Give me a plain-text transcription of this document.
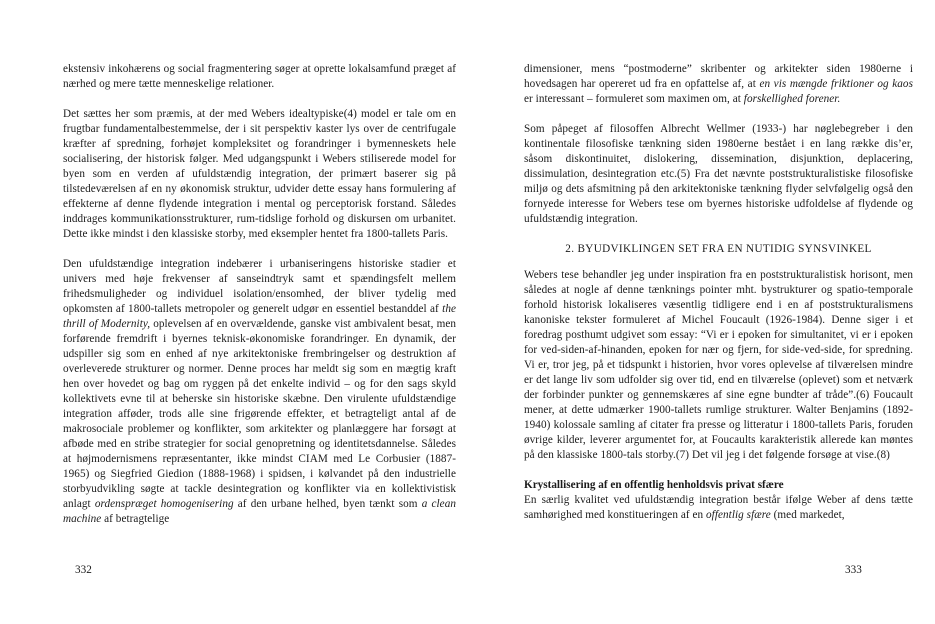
ekstensiv inkohærens og social fragmentering søger at oprette lokalsamfund præget af nærhed og mere tætte menneskelige relationer.

Det sættes her som præmis, at der med Webers idealtypiske(4) model er tale om en frugtbar fundamentalbestemmelse, der i sit perspektiv kaster lys over de centrifugale kræfter af spredning, forhøjet kompleksitet og forandringer i bymenneskets hele socialisering, der historisk følger. Med udgangspunkt i Webers stiliserede model for byen som en verden af ufuldstændig integration, der primært baserer sig på tilstedeværelsen af en ny økonomisk struktur, udvider dette essay hans formulering af effekterne af denne flydende integration i mental og perceptorisk forstand. Således inddrages kommunikationsstrukturer, rum-tidslige forhold og diskursen om urbanitet. Dette ikke mindst i den klassiske storby, med eksempler hentet fra 1800-tallets Paris.

Den ufuldstændige integration indebærer i urbaniseringens historiske stadier et univers med høje frekvenser af sanseindtryk samt et spændingsfelt mellem frihedsmuligheder og individuel isolation/ensomhed, der bliver tydelig med opkomsten af 1800-tallets metropoler og generelt udgør en essentiel bestanddel af the thrill of Modernity, oplevelsen af en overvældende, ganske vist ambivalent besat, men forførende fremdrift i byernes teknisk-økonomiske forandringer. En dynamik, der udspiller sig som en enhed af nye arkitektoniske frembringelser og destruktion af overleverede strukturer og normer. Denne proces har meldt sig som en mægtig kraft hen over hovedet og bag om ryggen på det enkelte individ – og for den sags skyld kollektivets evne til at beherske sin historiske skæbne. Den virulente ufuldstændige integration afføder, trods alle sine frigørende effekter, et betragteligt antal af de makrosociale problemer og konflikter, som arkitekter og planlæggere har forsøgt at afbøde med en stribe strategier for social genopretning og identitetsdannelse. Således at højmodernismens repræsentanter, ikke mindst CIAM med Le Corbusier (1887-1965) og Siegfried Giedion (1888-1968) i spidsen, i kølvandet på den industrielle storbyudvikling søgte at tackle desintegration og konflikter via en kollektivistisk anlagt ordenspræget homogenisering af den urbane helhed, byen tænkt som a clean machine af betragtelige

dimensioner, mens “postmoderne” skribenter og arkitekter siden 1980erne i hovedsagen har opereret ud fra en opfattelse af, at en vis mængde friktioner og kaos er interessant – formuleret som maximen om, at forskellighed forener.

Som påpeget af filosoffen Albrecht Wellmer (1933-) har nøglebegreber i den kontinentale filosofiske tænkning siden 1980erne bestået i en lang række dis’er, såsom diskontinuitet, dislokering, dissemination, disjunktion, deplacering, dissimulation, desintegration etc.(5) Fra det nævnte poststrukturalistiske filosofiske miljø og dets afsmitning på den arkitektoniske tænkning flyder selvfølgelig også den fornyede interesse for Webers tese om byernes historiske udfoldelse af flydende og ufuldstændig integration.

2. BYUDVIKLINGEN SET FRA EN NUTIDIG SYNSVINKEL

Webers tese behandler jeg under inspiration fra en poststrukturalistisk horisont, men således at nogle af denne tænknings pointer mht. bystrukturer og spatio-temporale forhold historisk lokaliseres væsentlig tidligere end i en af poststrukturalismens kanoniske tekster formuleret af Michel Foucault (1926-1984). Denne siger i et foredrag posthumt udgivet som essay: “Vi er i epoken for simultanitet, vi er i epoken for ved-siden-af-hinanden, epoken for nær og fjern, for side-ved-side, for spredning. Vi er, tror jeg, på et tidspunkt i historien, hvor vores oplevelse af tilværelsen mindre er det lange liv som udfolder sig over tid, end en tilværelse (oplevet) som et netværk der forbinder punkter og gennemskæres af sine egne bundter af tråde”.(6) Foucault mener, at dette udmærker 1900-tallets rumlige strukturer. Walter Benjamins (1892-1940) kolossale samling af citater fra presse og litteratur i 1800-tallets Paris, foruden øvrige kilder, leverer argumentet for, at Foucaults karakteristik allerede kan møntes på den klassiske 1800-tals storby.(7) Det vil jeg i det følgende forsøge at vise.(8)

Krystallisering af en offentlig henholdsvis privat sfære

En særlig kvalitet ved ufuldstændig integration består ifølge Weber af dens tætte samhørighed med konstitueringen af en offentlig sfære (med markedet,

332	333
